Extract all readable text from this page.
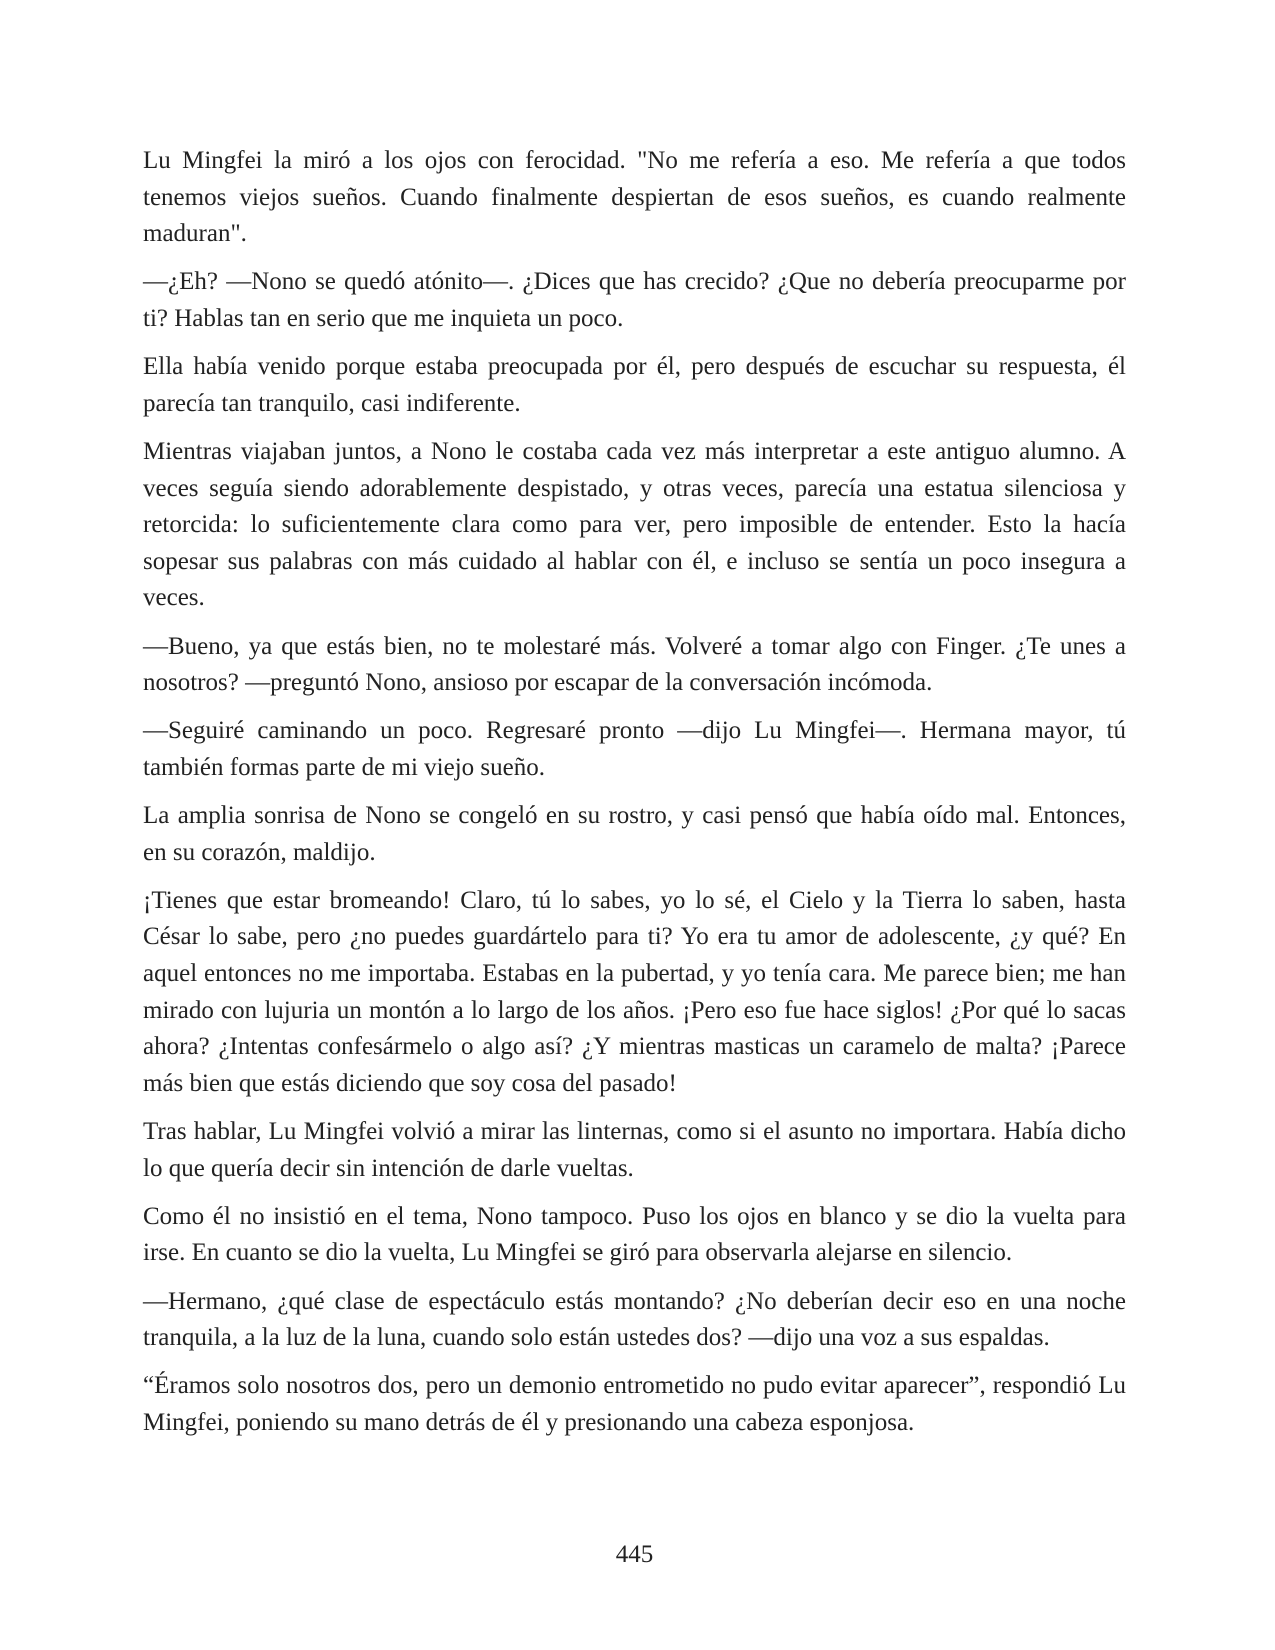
Lu Mingfei la miró a los ojos con ferocidad. "No me refería a eso. Me refería a que todos
tenemos viejos sueños. Cuando finalmente despiertan de esos sueños, es cuando realmente
maduran".

—¿Eh? —Nono se quedó atónito—. ¿Dices que has crecido? ¿Que no debería preocuparme por
ti? Hablas tan en serio que me inquieta un poco.

Ella había venido porque estaba preocupada por él, pero después de escuchar su respuesta, él
parecía tan tranquilo, casi indiferente.

Mientras viajaban juntos, a Nono le costaba cada vez más interpretar a este antiguo alumno. A
veces seguía siendo adorablemente despistado, y otras veces, parecía una estatua silenciosa y
retorcida: lo suficientemente clara como para ver, pero imposible de entender. Esto la hacía
sopesar sus palabras con más cuidado al hablar con él, e incluso se sentía un poco insegura a
veces.

—Bueno, ya que estás bien, no te molestaré más. Volveré a tomar algo con Finger. ¿Te unes a
nosotros? —preguntó Nono, ansioso por escapar de la conversación incómoda.

—Seguiré caminando un poco. Regresaré pronto —dijo Lu Mingfei—. Hermana mayor, tú
también formas parte de mi viejo sueño.

La amplia sonrisa de Nono se congeló en su rostro, y casi pensó que había oído mal. Entonces,
en su corazón, maldijo.

¡Tienes que estar bromeando! Claro, tú lo sabes, yo lo sé, el Cielo y la Tierra lo saben, hasta
César lo sabe, pero ¿no puedes guardártelo para ti? Yo era tu amor de adolescente, ¿y qué? En
aquel entonces no me importaba. Estabas en la pubertad, y yo tenía cara. Me parece bien; me han
mirado con lujuria un montón a lo largo de los años. ¡Pero eso fue hace siglos! ¿Por qué lo sacas
ahora? ¿Intentas confesármelo o algo así? ¿Y mientras masticas un caramelo de malta? ¡Parece
más bien que estás diciendo que soy cosa del pasado!

Tras hablar, Lu Mingfei volvió a mirar las linternas, como si el asunto no importara. Había dicho
lo que quería decir sin intención de darle vueltas.

Como él no insistió en el tema, Nono tampoco. Puso los ojos en blanco y se dio la vuelta para
irse. En cuanto se dio la vuelta, Lu Mingfei se giró para observarla alejarse en silencio.

—Hermano, ¿qué clase de espectáculo estás montando? ¿No deberían decir eso en una noche
tranquila, a la luz de la luna, cuando solo están ustedes dos? —dijo una voz a sus espaldas.

“Éramos solo nosotros dos, pero un demonio entrometido no pudo evitar aparecer”, respondió Lu
Mingfei, poniendo su mano detrás de él y presionando una cabeza esponjosa.

445
